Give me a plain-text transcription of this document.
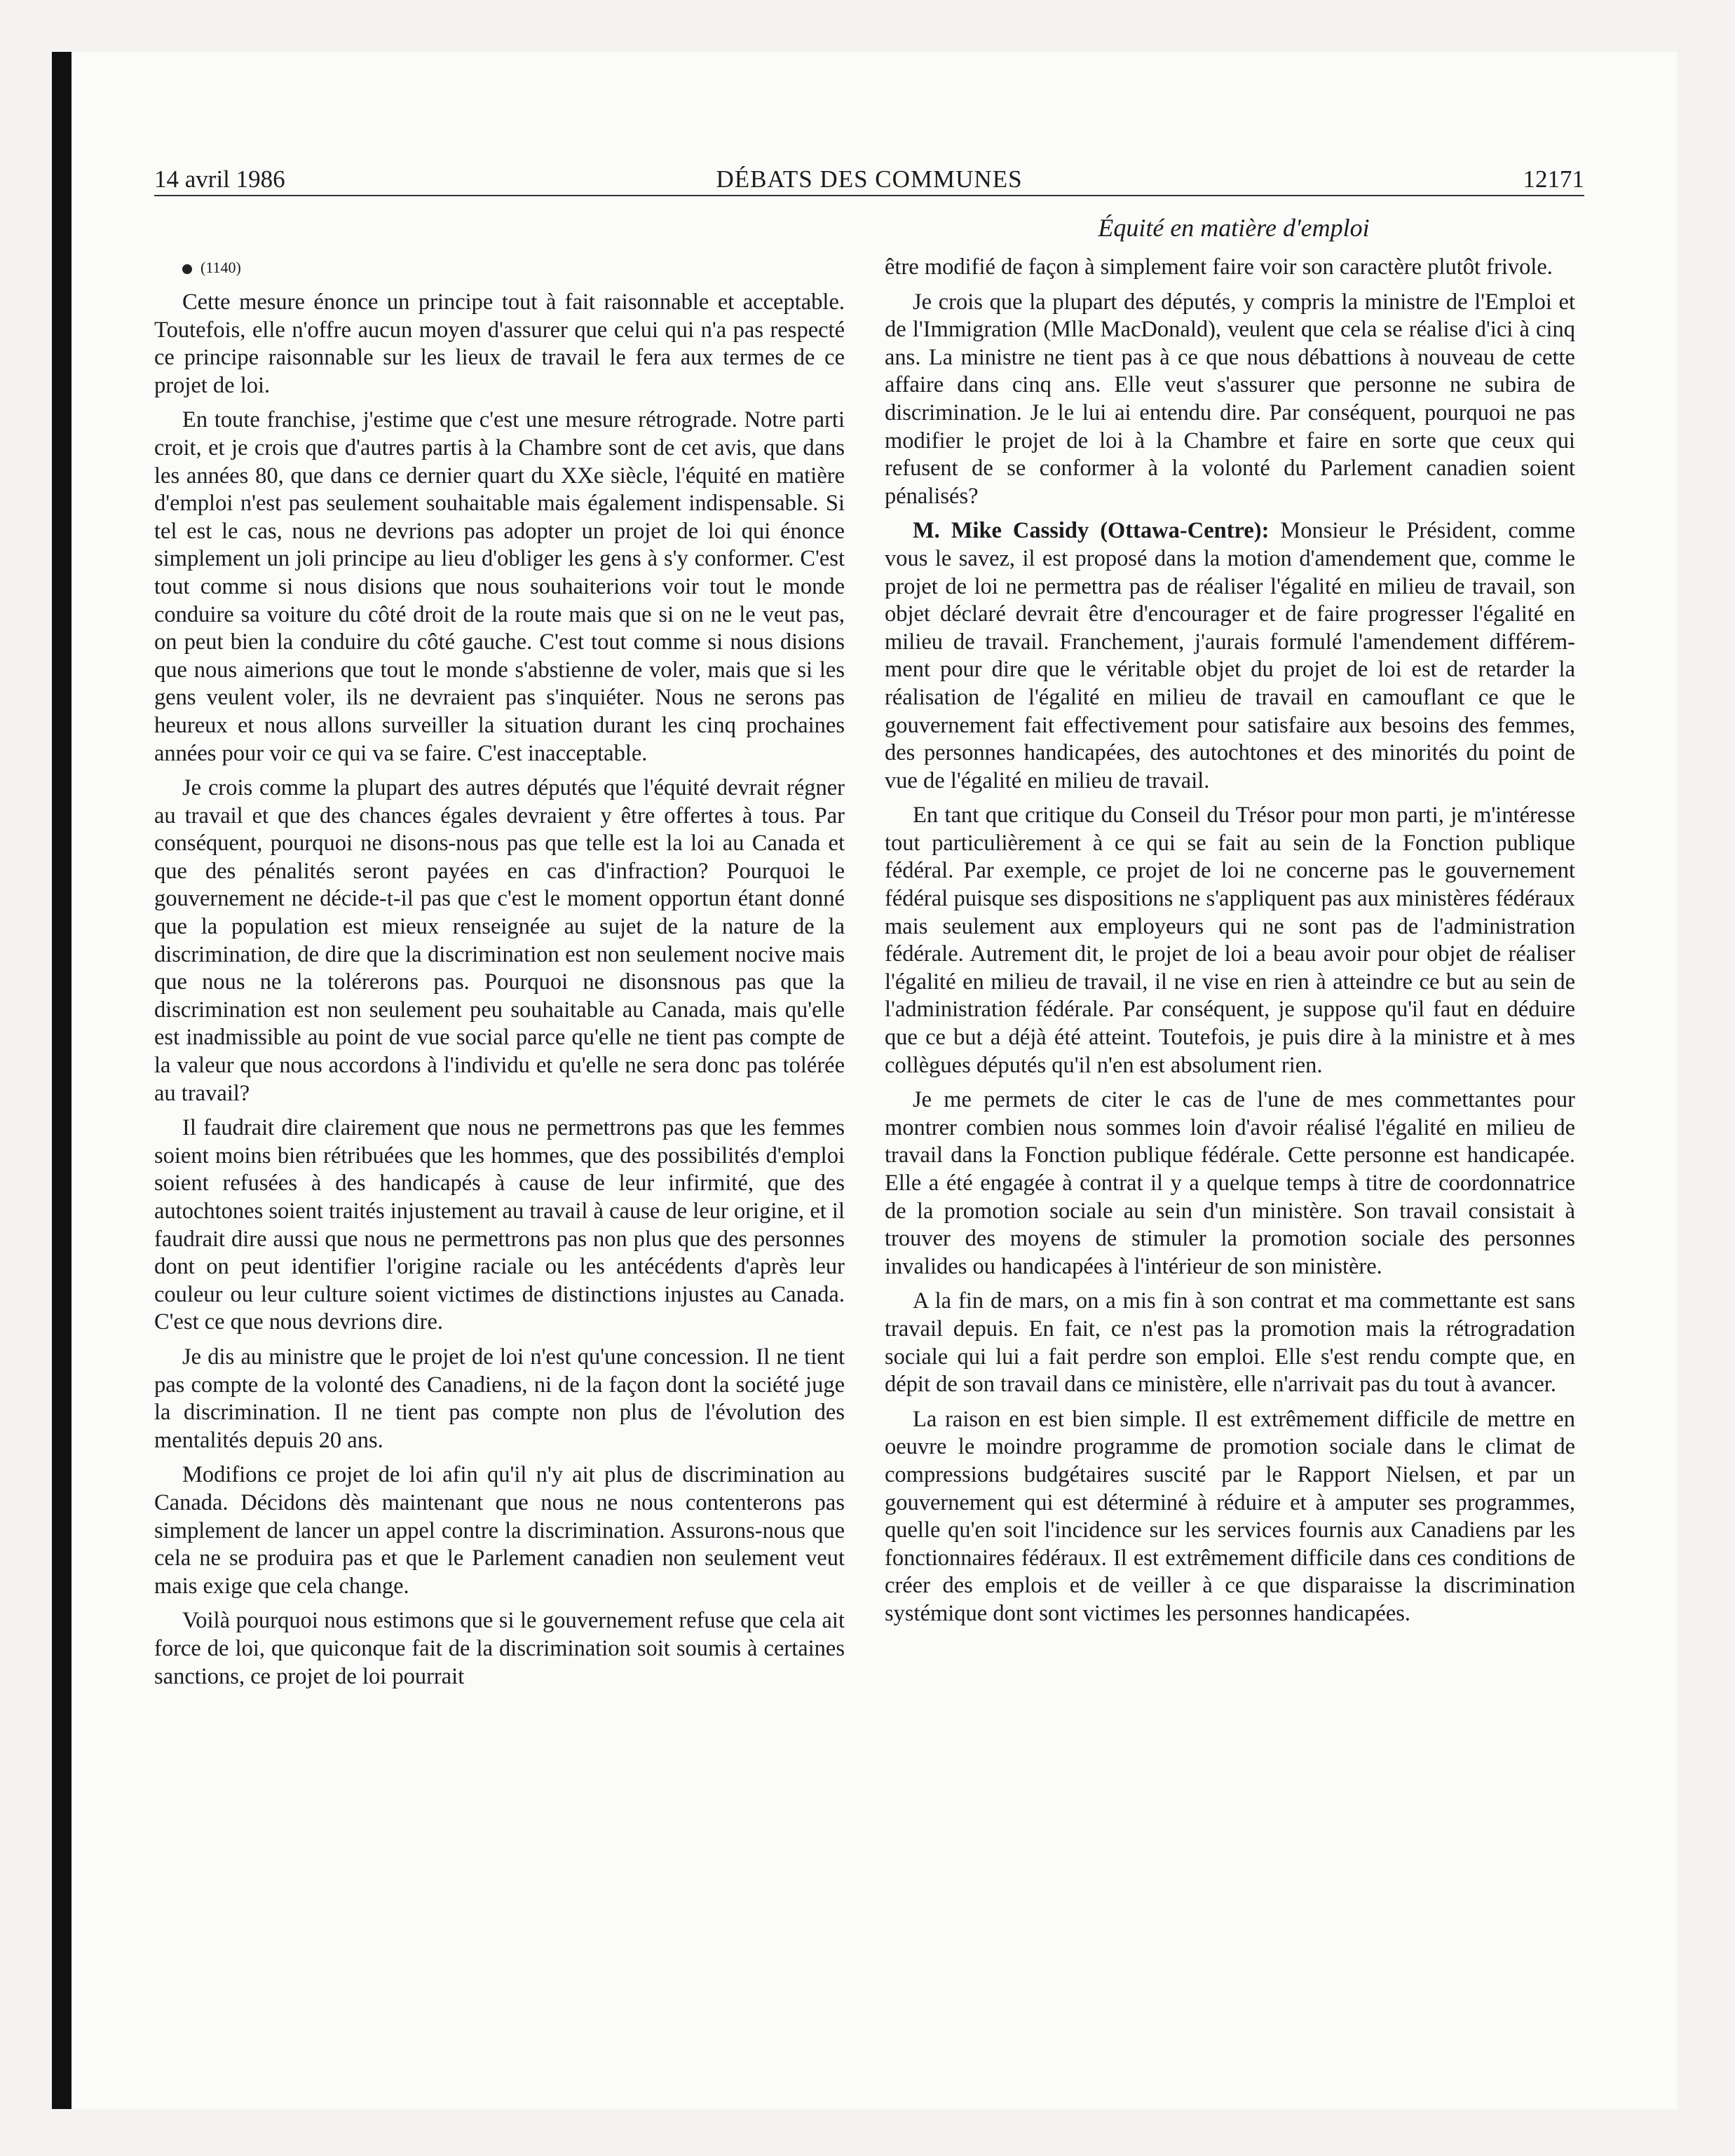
14 avril 1986	DÉBATS DES COMMUNES	12171
Équité en matière d'emploi

(1140)

Cette mesure énonce un principe tout à fait raisonnable et acceptable. Toutefois, elle n'offre aucun moyen d'assurer que celui qui n'a pas respecté ce principe raisonnable sur les lieux de travail le fera aux termes de ce projet de loi.

En toute franchise, j'estime que c'est une mesure rétrograde. Notre parti croit, et je crois que d'autres partis à la Chambre sont de cet avis, que dans les années 80, que dans ce dernier quart du XXe siècle, l'équité en matière d'emploi n'est pas seulement souhaitable mais également indispensable. Si tel est le cas, nous ne devrions pas adopter un projet de loi qui énonce simplement un joli principe au lieu d'obliger les gens à s'y conformer. C'est tout comme si nous disions que nous souhaiterions voir tout le monde conduire sa voiture du côté droit de la route mais que si on ne le veut pas, on peut bien la conduire du côté gauche. C'est tout comme si nous disions que nous aimerions que tout le monde s'abstienne de voler, mais que si les gens veulent voler, ils ne devraient pas s'inquiéter. Nous ne serons pas heureux et nous allons surveiller la situation durant les cinq prochaines années pour voir ce qui va se faire. C'est inacceptable.

Je crois comme la plupart des autres députés que l'équité devrait régner au travail et que des chances égales devraient y être offertes à tous. Par conséquent, pourquoi ne disons-nous pas que telle est la loi au Canada et que des pénalités seront payées en cas d'infraction? Pourquoi le gouvernement ne décide-t-il pas que c'est le moment opportun étant donné que la population est mieux renseignée au sujet de la nature de la discrimination, de dire que la discrimination est non seulement nocive mais que nous ne la tolérerons pas. Pourquoi ne disonsnous pas que la discrimination est non seulement peu souhaitable au Canada, mais qu'elle est inadmissible au point de vue social parce qu'elle ne tient pas compte de la valeur que nous accordons à l'individu et qu'elle ne sera donc pas tolérée au travail?

Il faudrait dire clairement que nous ne permettrons pas que les femmes soient moins bien rétribuées que les hommes, que des possibilités d'emploi soient refusées à des handicapés à cause de leur infirmité, que des autochtones soient traités injustement au travail à cause de leur origine, et il faudrait dire aussi que nous ne permettrons pas non plus que des personnes dont on peut identifier l'origine raciale ou les antécédents d'après leur couleur ou leur culture soient victimes de distinctions injustes au Canada. C'est ce que nous devrions dire.

Je dis au ministre que le projet de loi n'est qu'une concession. Il ne tient pas compte de la volonté des Canadiens, ni de la façon dont la société juge la discrimination. Il ne tient pas compte non plus de l'évolution des mentalités depuis 20 ans.

Modifions ce projet de loi afin qu'il n'y ait plus de discrimination au Canada. Décidons dès maintenant que nous ne nous contenterons pas simplement de lancer un appel contre la discrimination. Assurons-nous que cela ne se produira pas et que le Parlement canadien non seulement veut mais exige que cela change.

Voilà pourquoi nous estimons que si le gouvernement refuse que cela ait force de loi, que quiconque fait de la discrimination soit soumis à certaines sanctions, ce projet de loi pourrait

être modifié de façon à simplement faire voir son caractère plutôt frivole.

Je crois que la plupart des députés, y compris la ministre de l'Emploi et de l'Immigration (Mlle MacDonald), veulent que cela se réalise d'ici à cinq ans. La ministre ne tient pas à ce que nous débattions à nouveau de cette affaire dans cinq ans. Elle veut s'assurer que personne ne subira de discrimination. Je le lui ai entendu dire. Par conséquent, pourquoi ne pas modifier le projet de loi à la Chambre et faire en sorte que ceux qui refusent de se conformer à la volonté du Parlement canadien soient pénalisés?

M. Mike Cassidy (Ottawa-Centre): Monsieur le Président, comme vous le savez, il est proposé dans la motion d'amendement que, comme le projet de loi ne permettra pas de réaliser l'égalité en milieu de travail, son objet déclaré devrait être d'encourager et de faire progresser l'égalité en milieu de travail. Franchement, j'aurais formulé l'amendement différemment pour dire que le véritable objet du projet de loi est de retarder la réalisation de l'égalité en milieu de travail en camouflant ce que le gouvernement fait effectivement pour satisfaire aux besoins des femmes, des personnes handicapées, des autochtones et des minorités du point de vue de l'égalité en milieu de travail.

En tant que critique du Conseil du Trésor pour mon parti, je m'intéresse tout particulièrement à ce qui se fait au sein de la Fonction publique fédéral. Par exemple, ce projet de loi ne concerne pas le gouvernement fédéral puisque ses dispositions ne s'appliquent pas aux ministères fédéraux mais seulement aux employeurs qui ne sont pas de l'administration fédérale. Autrement dit, le projet de loi a beau avoir pour objet de réaliser l'égalité en milieu de travail, il ne vise en rien à atteindre ce but au sein de l'administration fédérale. Par conséquent, je suppose qu'il faut en déduire que ce but a déjà été atteint. Toutefois, je puis dire à la ministre et à mes collègues députés qu'il n'en est absolument rien.

Je me permets de citer le cas de l'une de mes commettantes pour montrer combien nous sommes loin d'avoir réalisé l'égalité en milieu de travail dans la Fonction publique fédérale. Cette personne est handicapée. Elle a été engagée à contrat il y a quelque temps à titre de coordonnatrice de la promotion sociale au sein d'un ministère. Son travail consistait à trouver des moyens de stimuler la promotion sociale des personnes invalides ou handicapées à l'intérieur de son ministère.

A la fin de mars, on a mis fin à son contrat et ma commettante est sans travail depuis. En fait, ce n'est pas la promotion mais la rétrogradation sociale qui lui a fait perdre son emploi. Elle s'est rendu compte que, en dépit de son travail dans ce ministère, elle n'arrivait pas du tout à avancer.

La raison en est bien simple. Il est extrêmement difficile de mettre en oeuvre le moindre programme de promotion sociale dans le climat de compressions budgétaires suscité par le Rapport Nielsen, et par un gouvernement qui est déterminé à réduire et à amputer ses programmes, quelle qu'en soit l'incidence sur les services fournis aux Canadiens par les fonctionnaires fédéraux. Il est extrêmement difficile dans ces conditions de créer des emplois et de veiller à ce que disparaisse la discrimination systémique dont sont victimes les personnes handicapées.
